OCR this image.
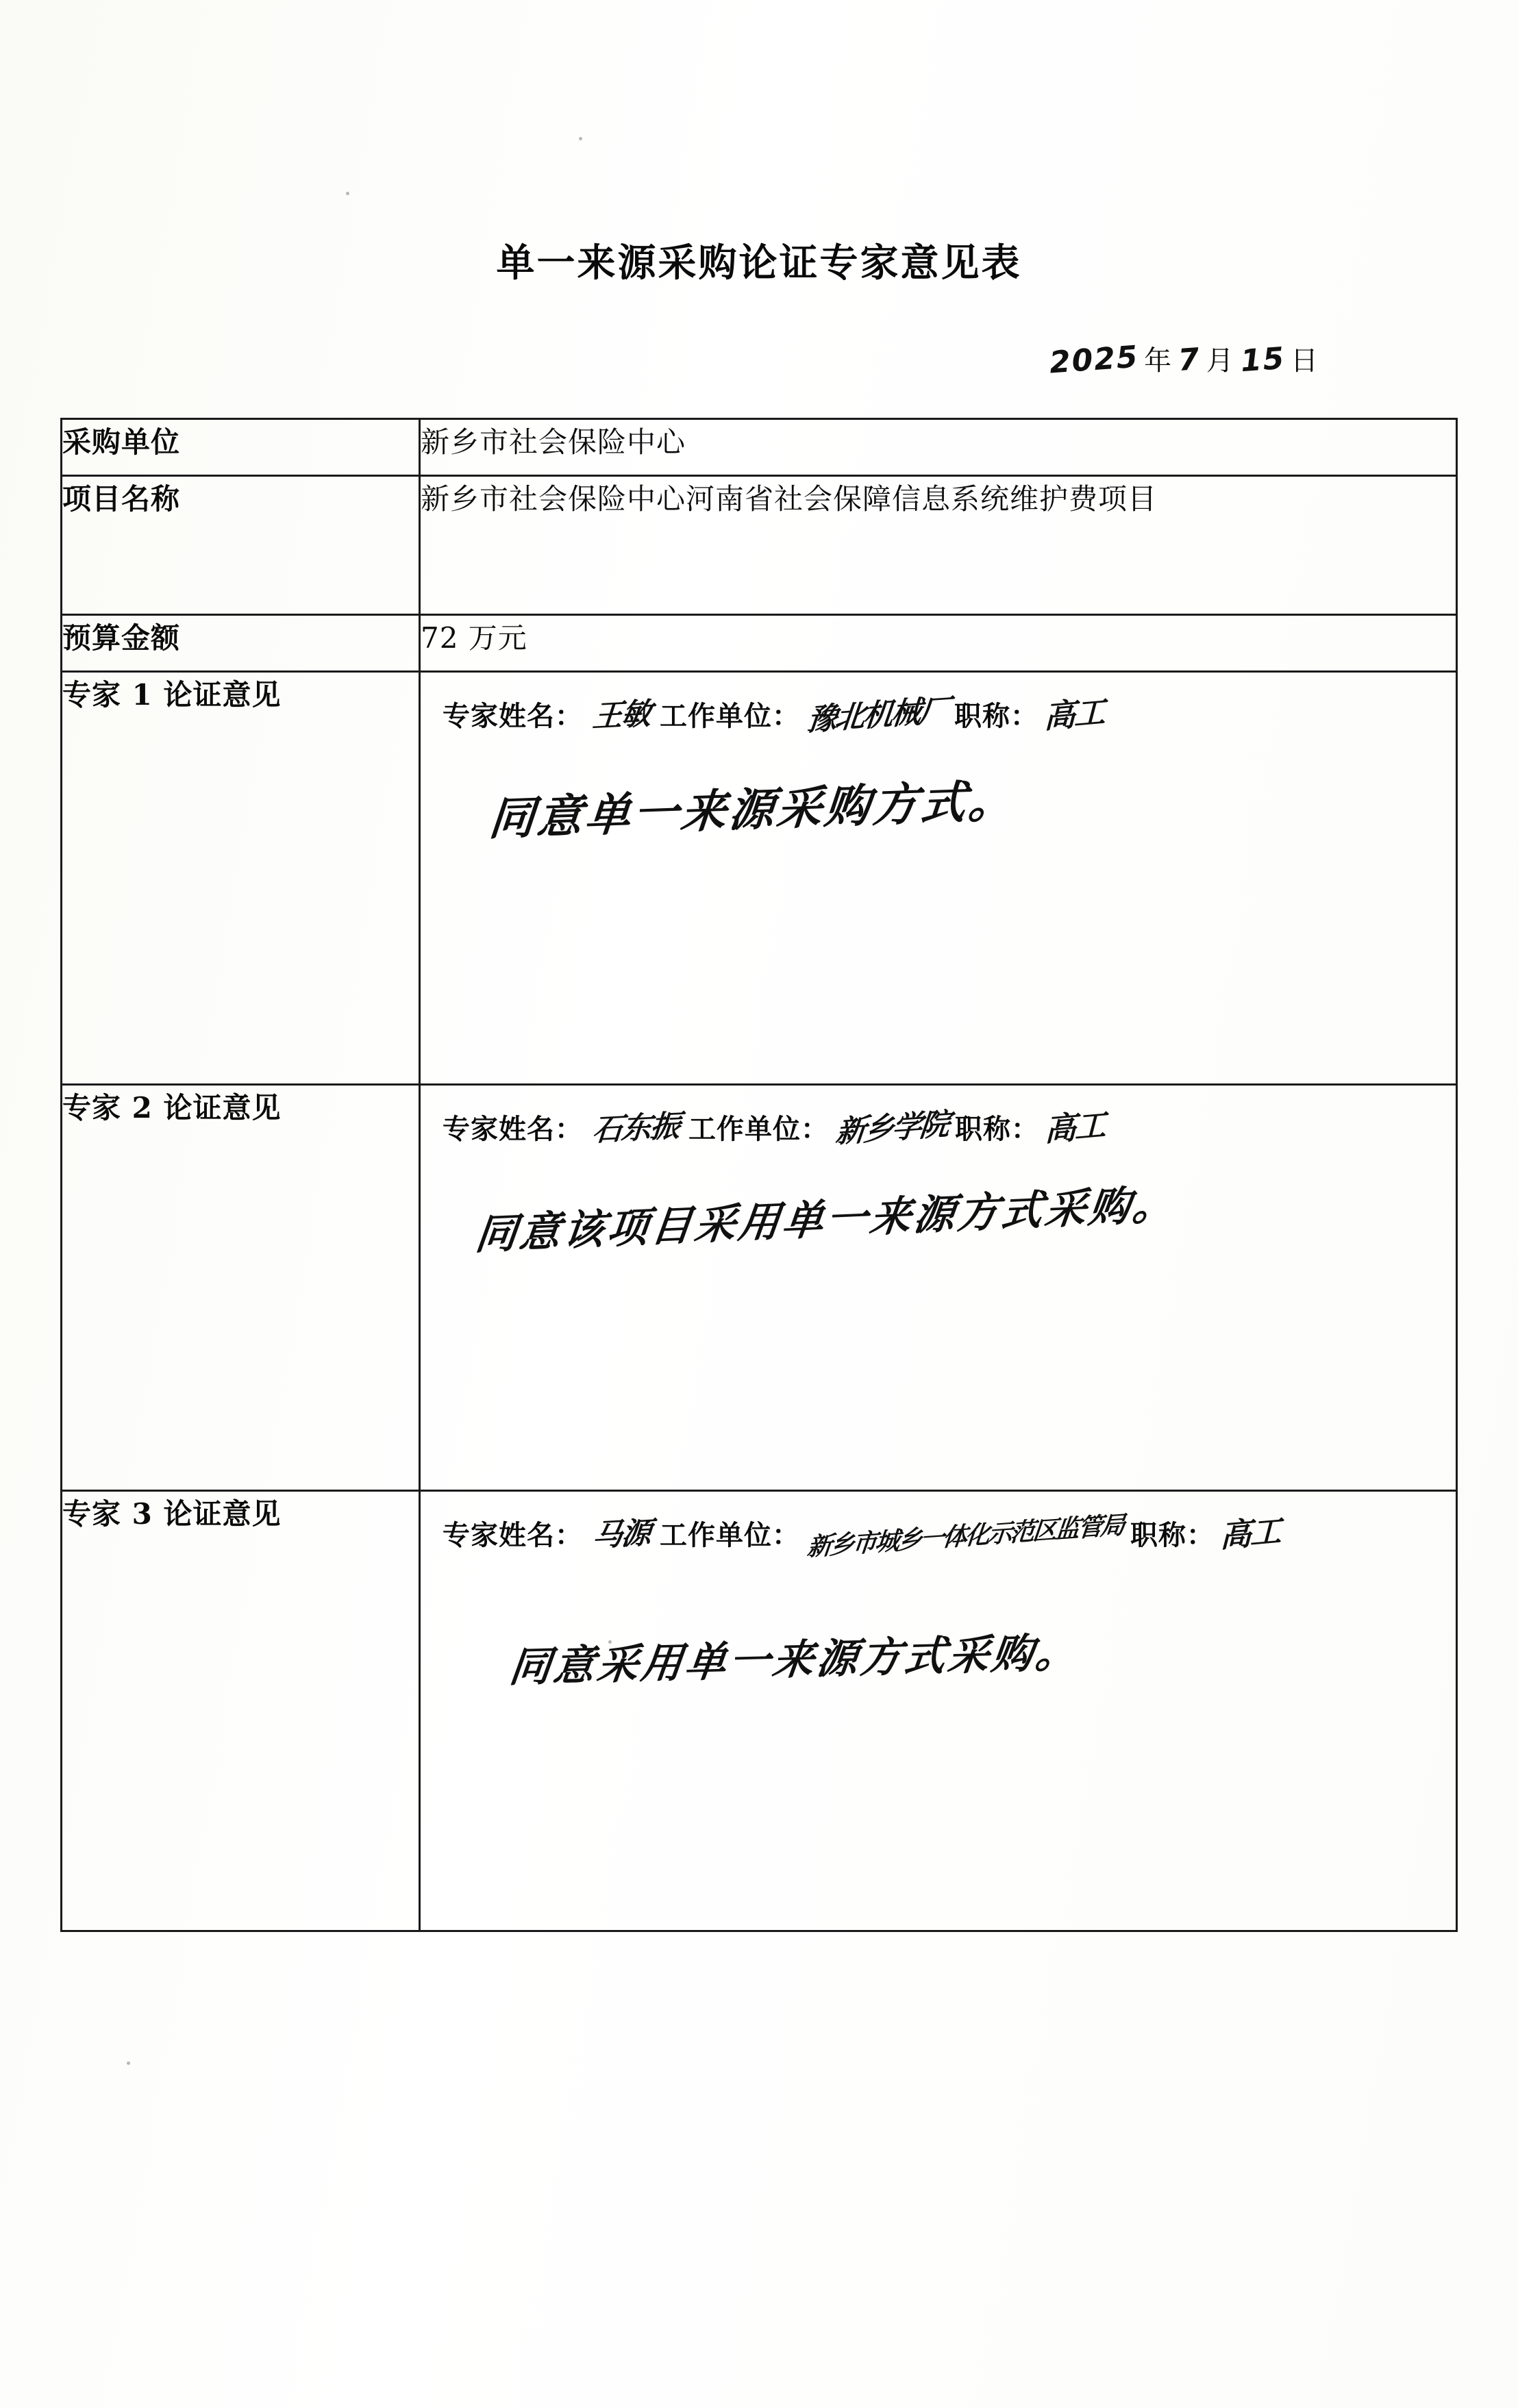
单一来源采购论证专家意见表
2025 年 7 月 15 日
采购单位	新乡市社会保险中心
项目名称	新乡市社会保险中心河南省社会保障信息系统维护费项目
预算金额	72 万元
专家 1 论证意见	专家姓名： 王敏 工作单位： 豫北机械厂 职称： 高工
同意单一来源采购方式。

专家 2 论证意见	专家姓名： 石东振 工作单位： 新乡学院 职称： 高工
同意该项目采用单一来源方式采购。

专家 3 论证意见	专家姓名： 马源 工作单位： 新乡市城乡一体化示范区监管局 职称： 高工
同意采用单一来源方式采购。
